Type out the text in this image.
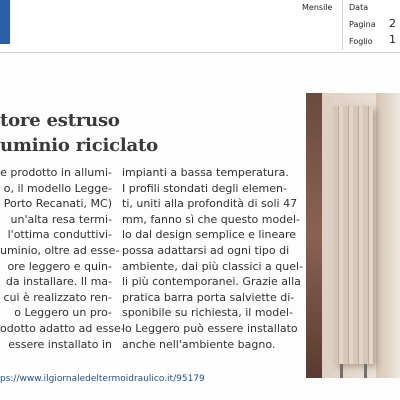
Mensile Data
Pagina 2
Foglio 1
tore estruso
uminio riciclato
e prodotto in allumi-
o, il modello Legge-
Porto Recanati, MC)
un'alta resa termi-
l'ottima conduttivi-
uminio, oltre ad esse-
ore leggero e quin-
da installare. Il ma-
cui è realizzato ren-
o Leggero un pro-
odotto adatto ad esse-
essere installato in
impianti a bassa temperatura.
I profili stondati degli elemen-
ti, uniti alla profondità di soli 47
mm, fanno sì che questo model-
lo dal design semplice e lineare
possa adattarsi ad ogni tipo di
ambiente, dai più classici a quel-
li più contemporanei. Grazie alla
pratica barra porta salviette di-
sponibile su richiesta, il model-
lo Leggero può essere installato
anche nell'ambiente bagno.
ps://www.ilgiornaledeltermoidraulico.it/95179
